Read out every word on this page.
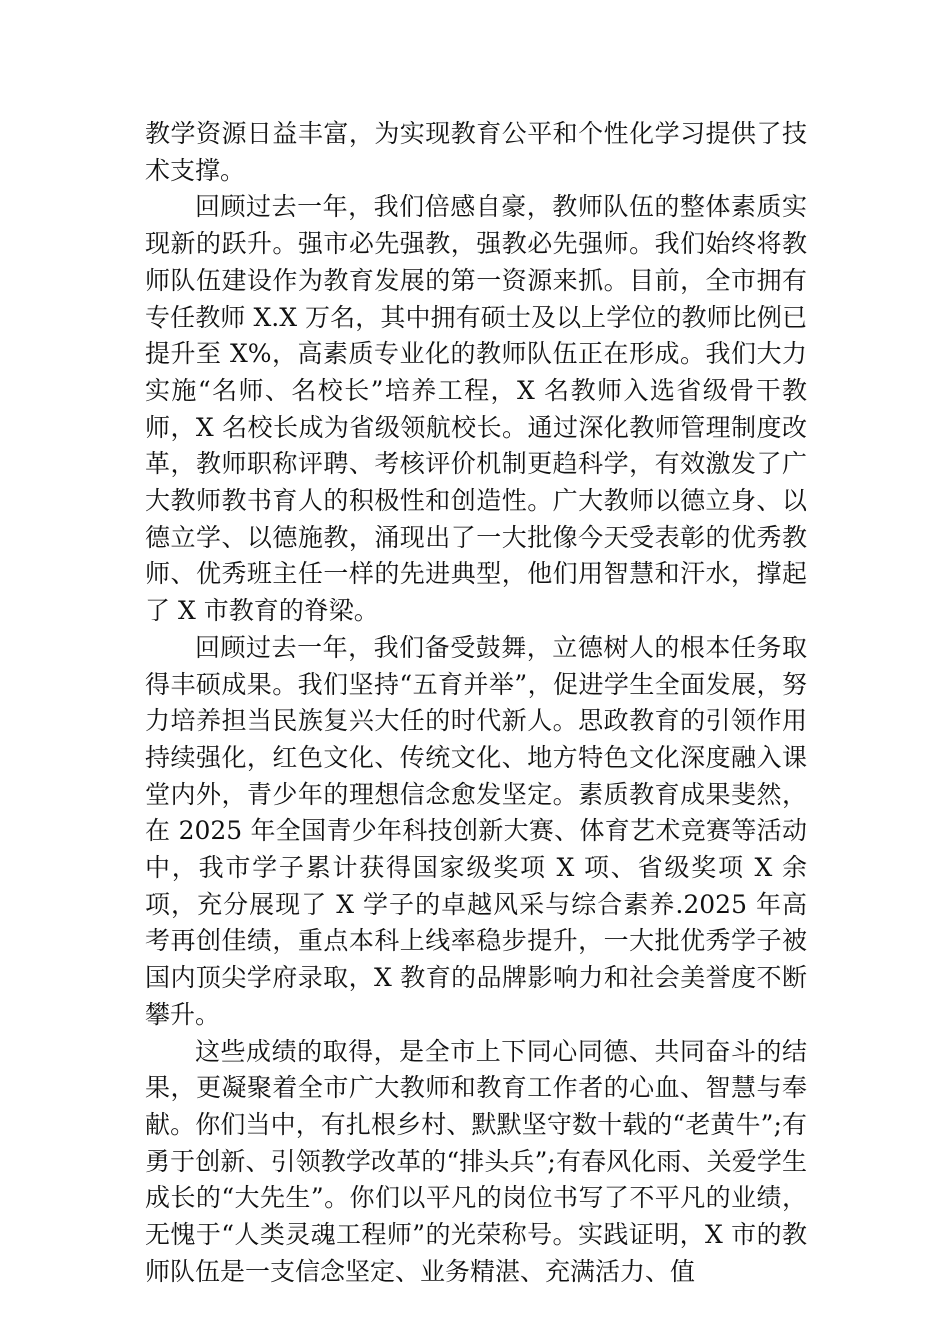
教学资源日益丰富，为实现教育公平和个性化学习提供了技术支撑。

回顾过去一年，我们倍感自豪，教师队伍的整体素质实现新的跃升。强市必先强教，强教必先强师。我们始终将教师队伍建设作为教育发展的第一资源来抓。目前，全市拥有专任教师 X.X 万名，其中拥有硕士及以上学位的教师比例已提升至 X%，高素质专业化的教师队伍正在形成。我们大力实施“名师、名校长”培养工程，X 名教师入选省级骨干教师，X 名校长成为省级领航校长。通过深化教师管理制度改革，教师职称评聘、考核评价机制更趋科学，有效激发了广大教师教书育人的积极性和创造性。广大教师以德立身、以德立学、以德施教，涌现出了一大批像今天受表彰的优秀教师、优秀班主任一样的先进典型，他们用智慧和汗水，撑起了 X 市教育的脊梁。

回顾过去一年，我们备受鼓舞，立德树人的根本任务取得丰硕成果。我们坚持“五育并举”，促进学生全面发展，努力培养担当民族复兴大任的时代新人。思政教育的引领作用持续强化，红色文化、传统文化、地方特色文化深度融入课堂内外，青少年的理想信念愈发坚定。素质教育成果斐然，在 2025 年全国青少年科技创新大赛、体育艺术竞赛等活动中，我市学子累计获得国家级奖项 X 项、省级奖项 X 余项，充分展现了 X 学子的卓越风采与综合素养.2025 年高考再创佳绩，重点本科上线率稳步提升，一大批优秀学子被国内顶尖学府录取，X 教育的品牌影响力和社会美誉度不断攀升。

这些成绩的取得，是全市上下同心同德、共同奋斗的结果，更凝聚着全市广大教师和教育工作者的心血、智慧与奉献。你们当中，有扎根乡村、默默坚守数十载的“老黄牛”;有勇于创新、引领教学改革的“排头兵”;有春风化雨、关爱学生成长的“大先生”。你们以平凡的岗位书写了不平凡的业绩，无愧于“人类灵魂工程师”的光荣称号。实践证明，X 市的教师队伍是一支信念坚定、业务精湛、充满活力、值
